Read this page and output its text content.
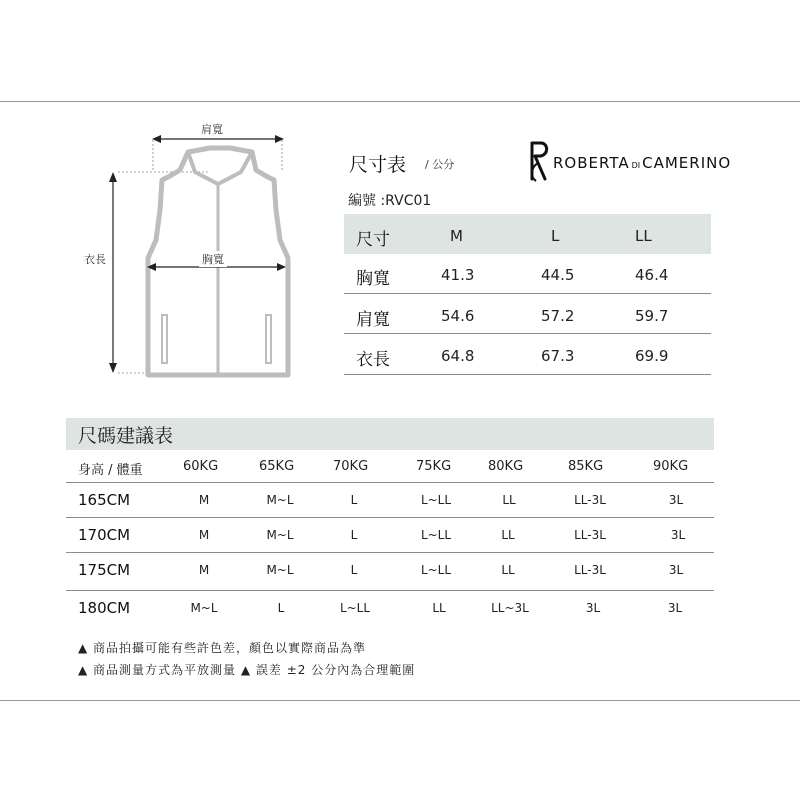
肩寬
胸寬
衣長
尺寸表 / 公分
編號 :RVC01
ROBERTA DI CAMERINO
尺寸	M	L	LL
胸寬	41.3	44.5	46.4
肩寬	54.6	57.2	59.7
衣長	64.8	67.3	69.9
尺碼建議表
身高 / 體重	60KG	65KG	70KG	75KG	80KG	85KG	90KG
165CM	M	M~L	L	L~LL	LL	LL-3L	3L
170CM	M	M~L	L	L~LL	LL	LL-3L	3L
175CM	M	M~L	L	L~LL	LL	LL-3L	3L
180CM	M~L	L	L~LL	LL	LL~3L	3L	3L
▲ 商品拍攝可能有些許色差，顏色以實際商品為準
▲ 商品測量方式為平放測量 ▲ 誤差 ±2 公分內為合理範圍
